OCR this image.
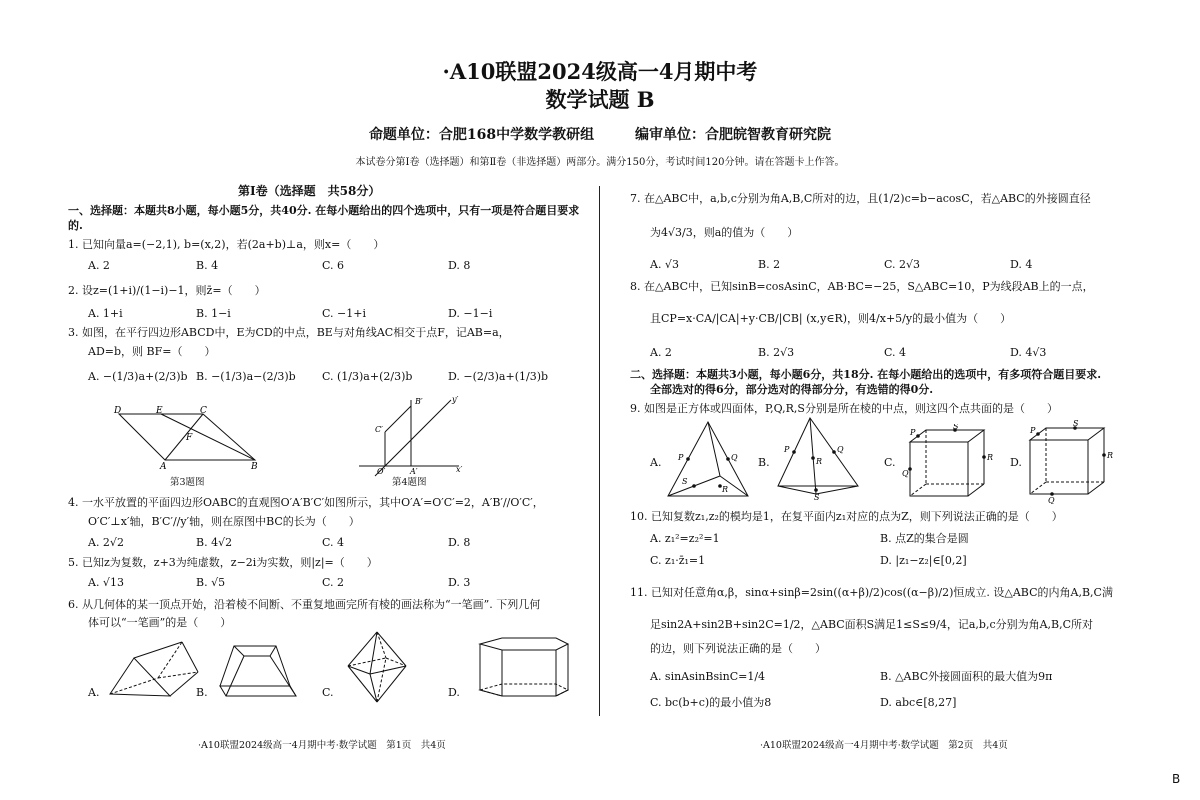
·A10联盟2024级高一4月期中考
数学试题 B
命题单位：合肥168中学数学教研组	编审单位：合肥皖智教育研究院
本试卷分第Ⅰ卷（选择题）和第Ⅱ卷（非选择题）两部分。满分150分，考试时间120分钟。请在答题卡上作答。
第Ⅰ卷（选择题　共58分）
一、选择题：本题共8小题，每小题5分，共40分. 在每小题给出的四个选项中，只有一项是符合题目要求的.
1. 已知向量a=(−2,1), b=(x,2)，若(2a+b)⊥a，则x=（　　）
A. 2	B. 4	C. 6	D. 8
2. 设z=(1+i)/(1−i)−1，则z̄=（　　）
A. 1+i	B. 1−i	C. −1+i	D. −1−i
3. 如图，在平行四边形ABCD中，E为CD的中点，BE与对角线AC相交于点F，记AB=a，
AD=b，则 BF=（　　）
A. −(1/3)a+(2/3)b B. −(1/3)a−(2/3)b C. (1/3)a+(2/3)b	D. −(2/3)a+(1/3)b
D	E	C
F
A	B
第3题图
O′	A′
C′
B′	y′
x′
第4题图
4. 一水平放置的平面四边形OABC的直观图O′A′B′C′如图所示，其中O′A′=O′C′=2，A′B′//O′C′，
O′C′⊥x′轴，B′C′//y′轴，则在原图中BC的长为（　　）
A. 2√2	B. 4√2	C. 4	D. 8
5. 已知z为复数，z+3为纯虚数，z−2i为实数，则|z|=（　　）
A. √13	B. √5	C. 2	D. 3
6. 从几何体的某一顶点开始，沿着棱不间断、不重复地画完所有棱的画法称为“一笔画”. 下列几何
体可以“一笔画”的是（　　）
A.	B.	C.	D.
·A10联盟2024级高一4月期中考·数学试题　第1页　共4页
7. 在△ABC中，a,b,c分别为角A,B,C所对的边，且(1/2)c=b−acosC，若△ABC的外接圆直径
为4√3/3，则a的值为（　　）
A. √3	B. 2	C. 2√3	D. 4
8. 在△ABC中，已知sinB=cosAsinC，AB·BC=−25，S△ABC=10，P为线段AB上的一点，
且CP=x·CA/|CA|+y·CB/|CB| (x,y∈R)，则4/x+5/y的最小值为（　　）
A. 2	B. 2√3	C. 4	D. 4√3
二、选择题：本题共3小题，每小题6分，共18分. 在每小题给出的选项中，有多项符合题目要求.
全部选对的得6分，部分选对的得部分分，有选错的得0分.
9. 如图是正方体或四面体，P,Q,R,S分别是所在棱的中点，则这四个点共面的是（　　）
A. P	Q
S
R
B.
P	Q
R
S
C.
P
S
R
Q
D.
P
S
R
Q
10. 已知复数z₁,z₂的模均是1，在复平面内z₁对应的点为Z，则下列说法正确的是（　　）
A. z₁²=z₂²=1	B. 点Z的集合是圆
C. z₁·z̄₁=1	D. |z₁−z₂|∈[0,2]
11. 已知对任意角α,β，sinα+sinβ=2sin((α+β)/2)cos((α−β)/2)恒成立. 设△ABC的内角A,B,C满
足sin2A+sin2B+sin2C=1/2，△ABC面积S满足1≤S≤9/4，记a,b,c分别为角A,B,C所对
的边，则下列说法正确的是（　　）
A. sinAsinBsinC=1/4	B. △ABC外接圆面积的最大值为9π
C. bc(b+c)的最小值为8	D. abc∈[8,27]
·A10联盟2024级高一4月期中考·数学试题　第2页　共4页
B
